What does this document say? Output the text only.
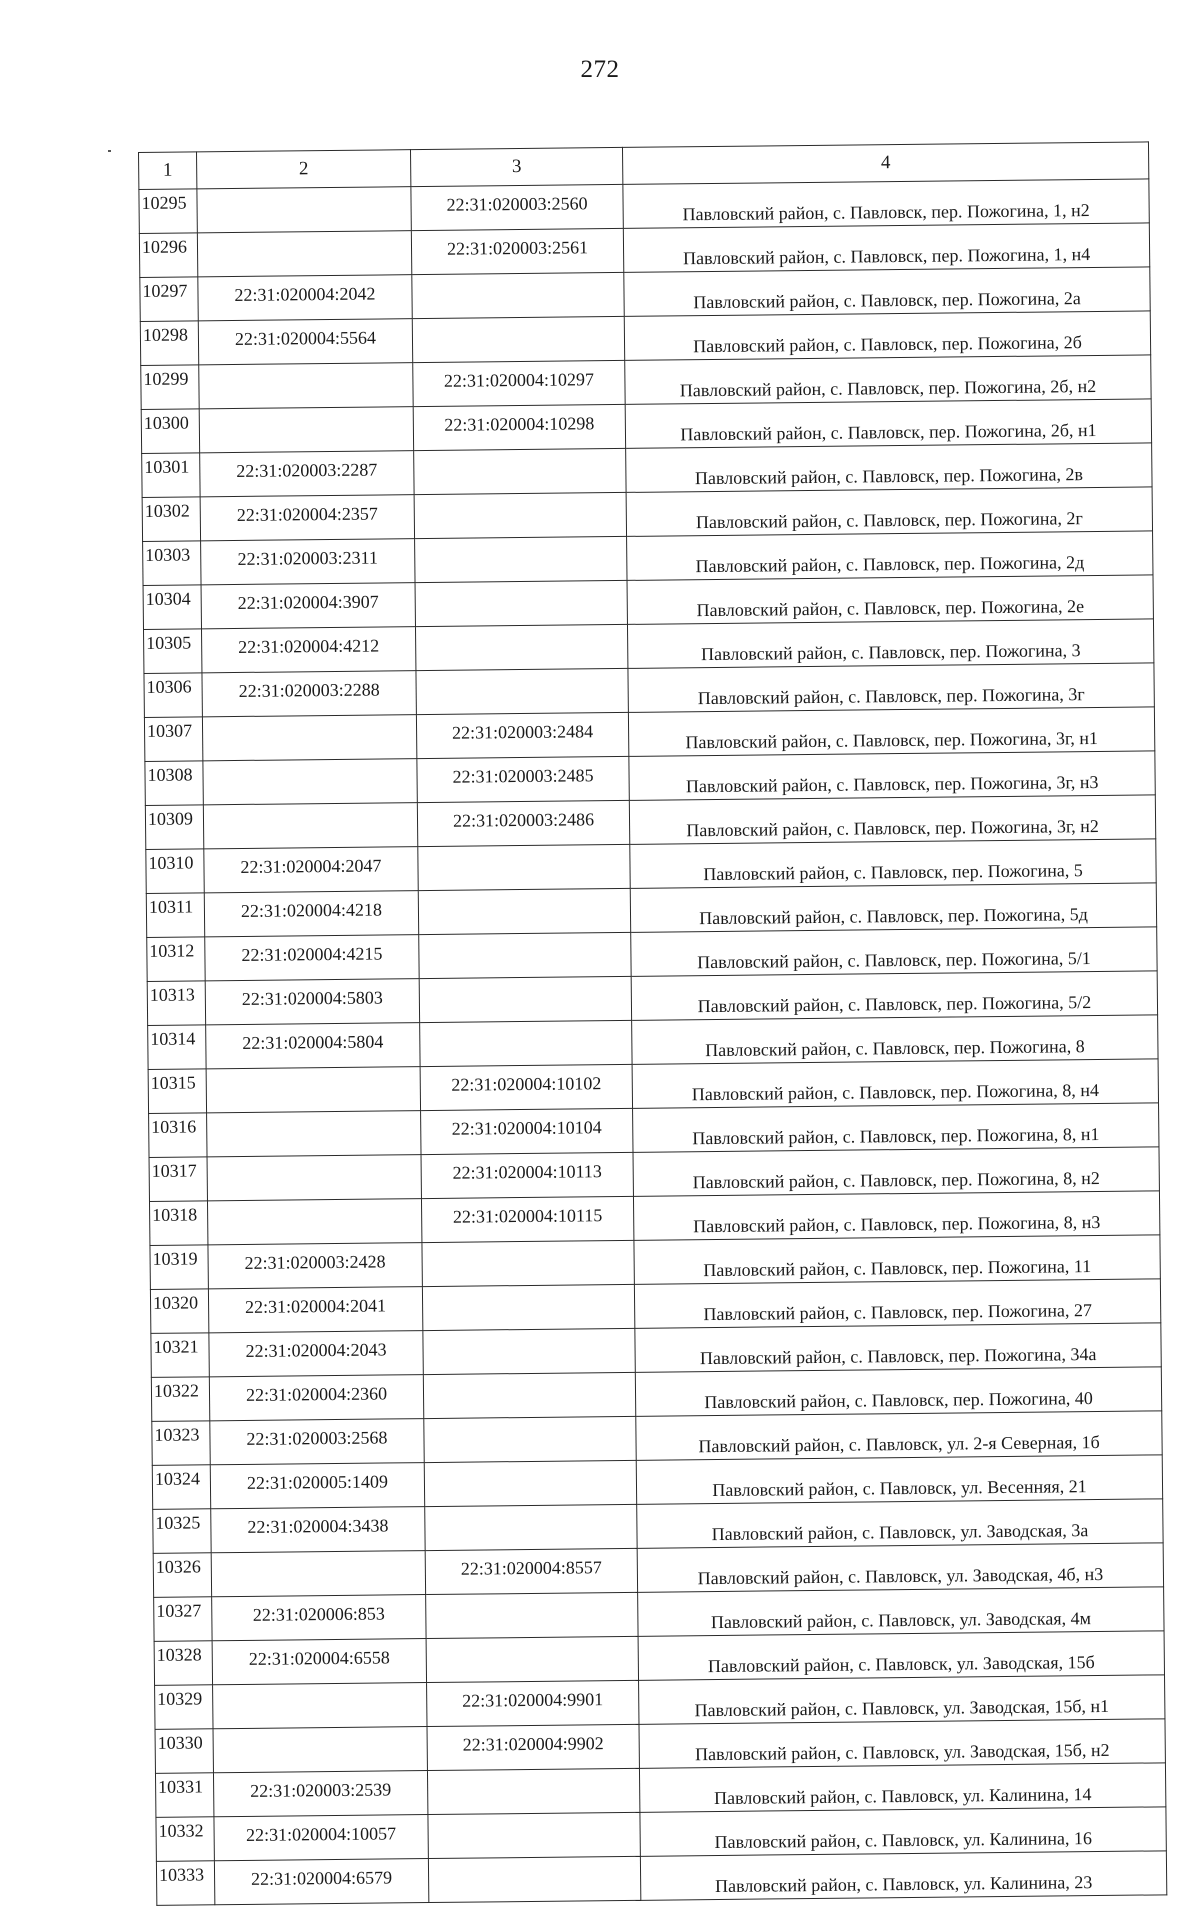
272
1	2	3	4
10295		22:31:020003:2560	Павловский район, с. Павловск, пер. Пожогина, 1, н2
10296		22:31:020003:2561	Павловский район, с. Павловск, пер. Пожогина, 1, н4
10297	22:31:020004:2042		Павловский район, с. Павловск, пер. Пожогина, 2а
10298	22:31:020004:5564		Павловский район, с. Павловск, пер. Пожогина, 2б
10299		22:31:020004:10297	Павловский район, с. Павловск, пер. Пожогина, 2б, н2
10300		22:31:020004:10298	Павловский район, с. Павловск, пер. Пожогина, 2б, н1
10301	22:31:020003:2287		Павловский район, с. Павловск, пер. Пожогина, 2в
10302	22:31:020004:2357		Павловский район, с. Павловск, пер. Пожогина, 2г
10303	22:31:020003:2311		Павловский район, с. Павловск, пер. Пожогина, 2д
10304	22:31:020004:3907		Павловский район, с. Павловск, пер. Пожогина, 2е
10305	22:31:020004:4212		Павловский район, с. Павловск, пер. Пожогина, 3
10306	22:31:020003:2288		Павловский район, с. Павловск, пер. Пожогина, 3г
10307		22:31:020003:2484	Павловский район, с. Павловск, пер. Пожогина, 3г, н1
10308		22:31:020003:2485	Павловский район, с. Павловск, пер. Пожогина, 3г, н3
10309		22:31:020003:2486	Павловский район, с. Павловск, пер. Пожогина, 3г, н2
10310	22:31:020004:2047		Павловский район, с. Павловск, пер. Пожогина, 5
10311	22:31:020004:4218		Павловский район, с. Павловск, пер. Пожогина, 5д
10312	22:31:020004:4215		Павловский район, с. Павловск, пер. Пожогина, 5/1
10313	22:31:020004:5803		Павловский район, с. Павловск, пер. Пожогина, 5/2
10314	22:31:020004:5804		Павловский район, с. Павловск, пер. Пожогина, 8
10315		22:31:020004:10102	Павловский район, с. Павловск, пер. Пожогина, 8, н4
10316		22:31:020004:10104	Павловский район, с. Павловск, пер. Пожогина, 8, н1
10317		22:31:020004:10113	Павловский район, с. Павловск, пер. Пожогина, 8, н2
10318		22:31:020004:10115	Павловский район, с. Павловск, пер. Пожогина, 8, н3
10319	22:31:020003:2428		Павловский район, с. Павловск, пер. Пожогина, 11
10320	22:31:020004:2041		Павловский район, с. Павловск, пер. Пожогина, 27
10321	22:31:020004:2043		Павловский район, с. Павловск, пер. Пожогина, 34а
10322	22:31:020004:2360		Павловский район, с. Павловск, пер. Пожогина, 40
10323	22:31:020003:2568		Павловский район, с. Павловск, ул. 2-я Северная, 1б
10324	22:31:020005:1409		Павловский район, с. Павловск, ул. Весенняя, 21
10325	22:31:020004:3438		Павловский район, с. Павловск, ул. Заводская, 3а
10326		22:31:020004:8557	Павловский район, с. Павловск, ул. Заводская, 4б, н3
10327	22:31:020006:853		Павловский район, с. Павловск, ул. Заводская, 4м
10328	22:31:020004:6558		Павловский район, с. Павловск, ул. Заводская, 15б
10329		22:31:020004:9901	Павловский район, с. Павловск, ул. Заводская, 15б, н1
10330		22:31:020004:9902	Павловский район, с. Павловск, ул. Заводская, 15б, н2
10331	22:31:020003:2539		Павловский район, с. Павловск, ул. Калинина, 14
10332	22:31:020004:10057		Павловский район, с. Павловск, ул. Калинина, 16
10333	22:31:020004:6579		Павловский район, с. Павловск, ул. Калинина, 23
